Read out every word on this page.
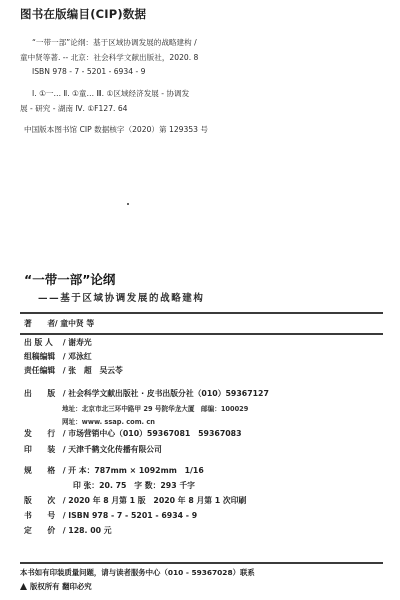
图书在版编目(CIP)数据
“一带一部”论纲：基于区域协调发展的战略建构 /
童中贤等著. -- 北京：社会科学文献出版社，2020. 8
ISBN 978 - 7 - 5201 - 6934 - 9
Ⅰ. ①一… Ⅱ. ①童… Ⅲ. ①区域经济发展 - 协调发
展 - 研究 - 湖南 Ⅳ. ①F127. 64
中国版本图书馆 CIP 数据核字（2020）第 129353 号
“一带一部”论纲
——基于区域协调发展的战略建构
著　　者 / 童中贤 等
出 版 人 / 谢寿光
组稿编辑 / 邓泳红
责任编辑 / 张　超　吴云苓
出　　版 / 社会科学文献出版社 · 皮书出版分社（010）59367127
地址：北京市北三环中路甲 29 号院华龙大厦　邮编：100029
网址：www. ssap. com. cn
发　　行 / 市场营销中心（010）59367081　59367083
印　　装 / 天津千鹤文化传播有限公司
规　　格 / 开 本：787mm × 1092mm　1/16
印 张：20. 75　字 数：293 千字
版　　次 / 2020 年 8 月第 1 版　2020 年 8 月第 1 次印刷
书　　号 / ISBN 978 - 7 - 5201 - 6934 - 9
定　　价 / 128. 00 元
本书如有印装质量问题，请与读者服务中心（010 - 59367028）联系
版权所有 翻印必究
